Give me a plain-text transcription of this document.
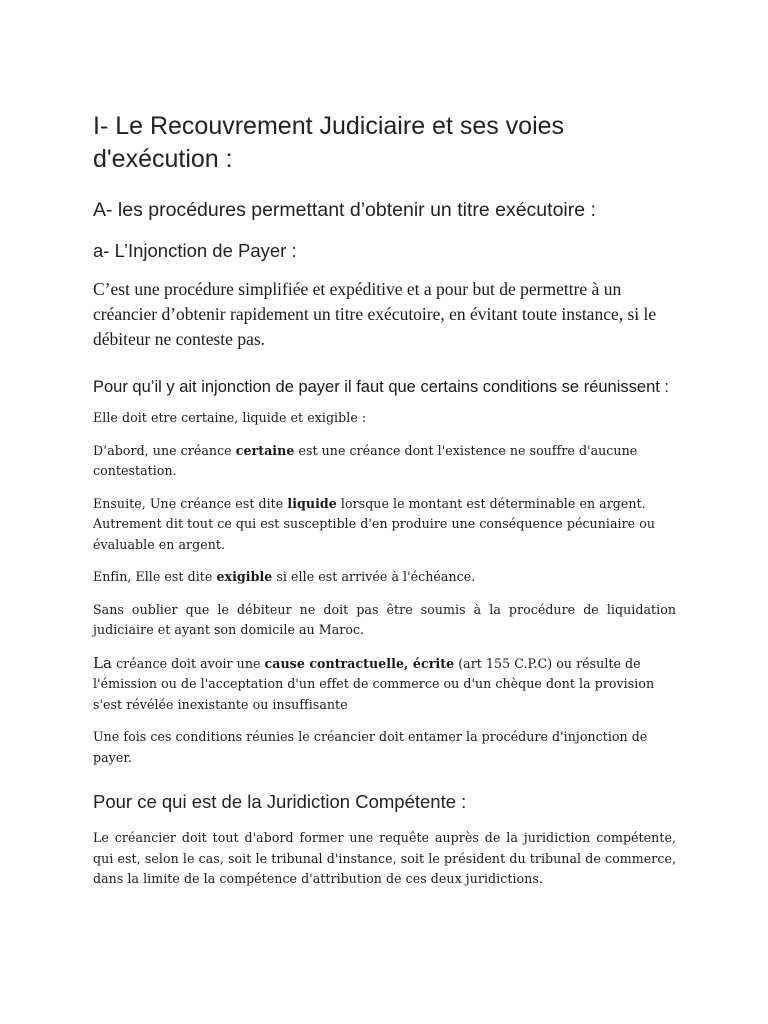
I- Le Recouvrement Judiciaire et ses voies d'exécution :
A- les procédures permettant d’obtenir un titre exécutoire :
a- L’Injonction de Payer :

C’est une procédure simplifiée et expéditive et a pour but de permettre à un créancier d’obtenir rapidement un titre exécutoire, en évitant toute instance, si le débiteur ne conteste pas.

Pour qu’il y ait injonction de payer il faut que certains conditions se réunissent :

Elle doit etre certaine, liquide et exigible :

D’abord, une créance certaine est une créance dont l'existence ne souffre d'aucune contestation.

Ensuite, Une créance est dite liquide lorsque le montant est déterminable en argent. Autrement dit tout ce qui est susceptible d'en produire une conséquence pécuniaire ou évaluable en argent.

Enfin, Elle est dite exigible si elle est arrivée à l'échéance.

Sans oublier que le débiteur ne doit pas être soumis à la procédure de liquidation judiciaire et ayant son domicile au Maroc.

La créance doit avoir une cause contractuelle, écrite (art 155 C.P.C) ou résulte de l'émission ou de l'acceptation d'un effet de commerce ou d'un chèque dont la provision s'est révélée inexistante ou insuffisante

Une fois ces conditions réunies le créancier doit entamer la procédure d'injonction de payer.

Pour ce qui est de la Juridiction Compétente :

Le créancier doit tout d'abord former une requête auprès de la juridiction compétente, qui est, selon le cas, soit le tribunal d'instance, soit le président du tribunal de commerce, dans la limite de la compétence d'attribution de ces deux juridictions.
